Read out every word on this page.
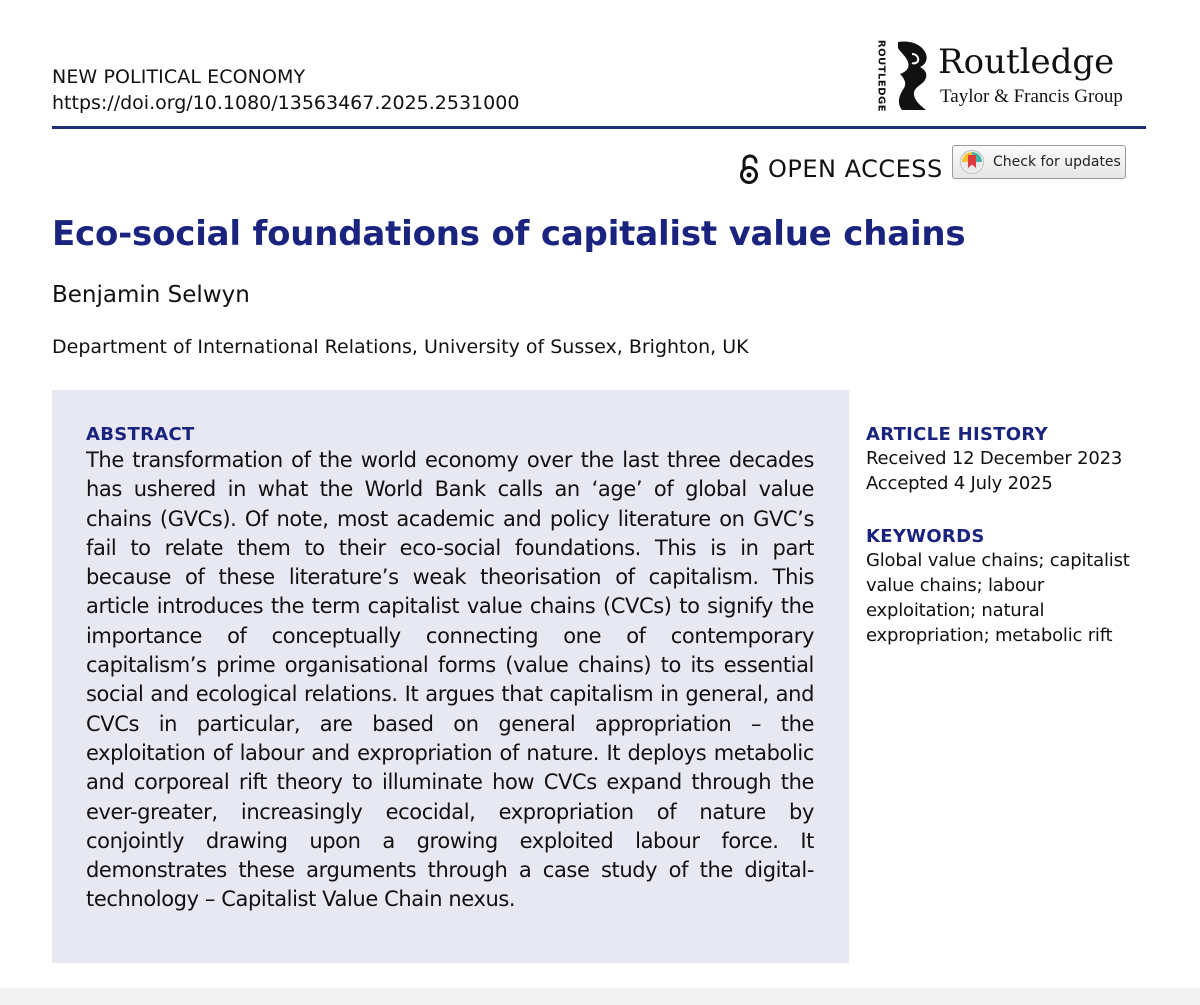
NEW POLITICAL ECONOMY
https://doi.org/10.1080/13563467.2025.2531000	ROUTLEDGE Routledge
Taylor & Francis Group
OPEN ACCESS	Check for updates
Eco-social foundations of capitalist value chains
Benjamin Selwyn
Department of International Relations, University of Sussex, Brighton, UK
ABSTRACT

The transformation of the world economy over the last three decades has ushered in what the World Bank calls an ‘age’ of global value chains (GVCs). Of note, most academic and policy literature on GVC’s fail to relate them to their eco-social foundations. This is in part because of these literature’s weak theorisation of capitalism. This article introduces the term capitalist value chains (CVCs) to signify the importance of conceptually connecting one of contemporary capitalism’s prime organisational forms (value chains) to its essential social and ecological relations. It argues that capitalism in general, and CVCs in particular, are based on general appropriation – the exploitation of labour and expropriation of nature. It deploys metabolic and corporeal rift theory to illuminate how CVCs expand through the ever-greater, increasingly ecocidal, expropriation of nature by conjointly drawing upon a growing exploited labour force. It demonstrates these arguments through a case study of the digital-technology – Capitalist Value Chain nexus.

ARTICLE HISTORY
Received 12 December 2023
Accepted 4 July 2025
KEYWORDS
Global value chains; capitalist value chains; labour exploitation; natural expropriation; metabolic rift
